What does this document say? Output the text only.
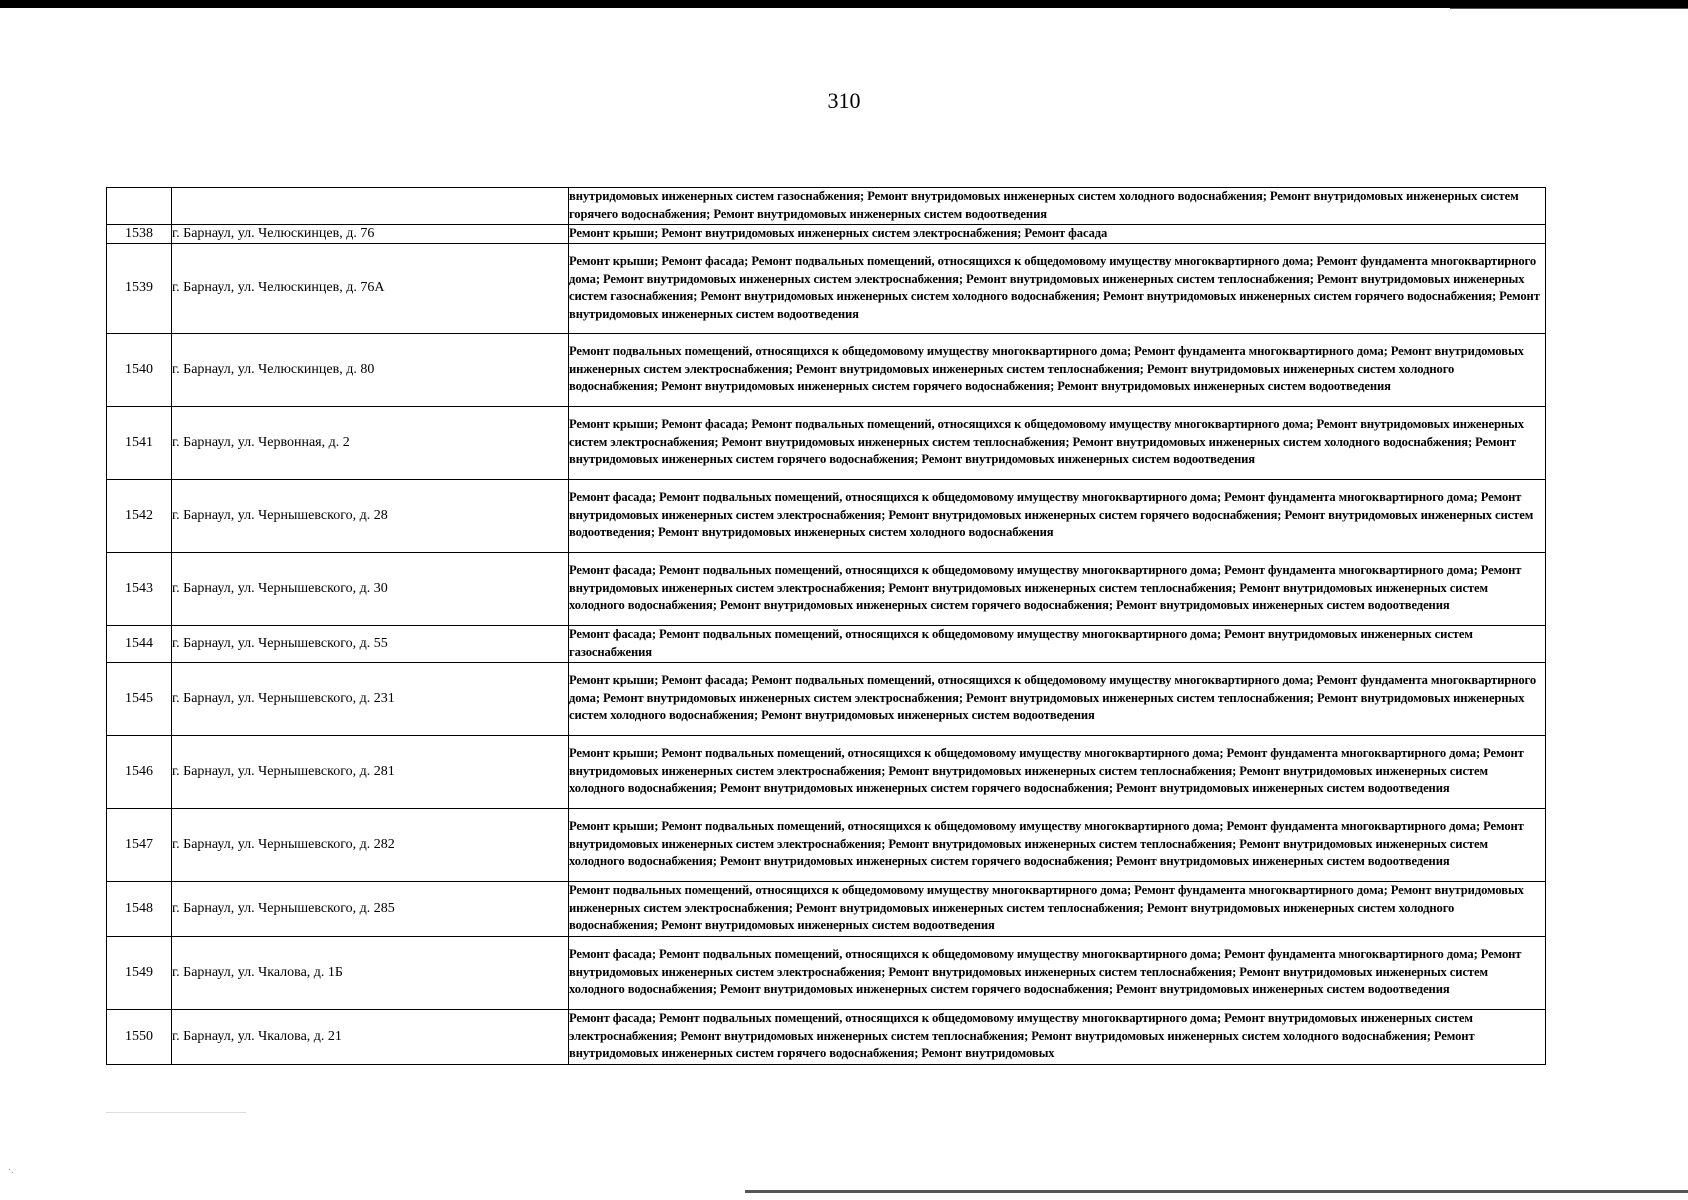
310
		внутридомовых инженерных систем газоснабжения; Ремонт внутридомовых инженерных систем холодного водоснабжения; Ремонт внутридомовых инженерных систем горячего водоснабжения; Ремонт внутридомовых инженерных систем водоотведения
1538	г. Барнаул, ул. Челюскинцев, д. 76	Ремонт крыши; Ремонт внутридомовых инженерных систем электроснабжения; Ремонт фасада
1539	г. Барнаул, ул. Челюскинцев, д. 76А	Ремонт крыши; Ремонт фасада; Ремонт подвальных помещений, относящихся к общедомовому имуществу многоквартирного дома; Ремонт фундамента многоквартирного дома; Ремонт внутридомовых инженерных систем электроснабжения; Ремонт внутридомовых инженерных систем теплоснабжения; Ремонт внутридомовых инженерных систем газоснабжения; Ремонт внутридомовых инженерных систем холодного водоснабжения; Ремонт внутридомовых инженерных систем горячего водоснабжения; Ремонт внутридомовых инженерных систем водоотведения
1540	г. Барнаул, ул. Челюскинцев, д. 80	Ремонт подвальных помещений, относящихся к общедомовому имуществу многоквартирного дома; Ремонт фундамента многоквартирного дома; Ремонт внутридомовых инженерных систем электроснабжения; Ремонт внутридомовых инженерных систем теплоснабжения; Ремонт внутридомовых инженерных систем холодного водоснабжения; Ремонт внутридомовых инженерных систем горячего водоснабжения; Ремонт внутридомовых инженерных систем водоотведения
1541	г. Барнаул, ул. Червонная, д. 2	Ремонт крыши; Ремонт фасада; Ремонт подвальных помещений, относящихся к общедомовому имуществу многоквартирного дома; Ремонт внутридомовых инженерных систем электроснабжения; Ремонт внутридомовых инженерных систем теплоснабжения; Ремонт внутридомовых инженерных систем холодного водоснабжения; Ремонт внутридомовых инженерных систем горячего водоснабжения; Ремонт внутридомовых инженерных систем водоотведения
1542	г. Барнаул, ул. Чернышевского, д. 28	Ремонт фасада; Ремонт подвальных помещений, относящихся к общедомовому имуществу многоквартирного дома; Ремонт фундамента многоквартирного дома; Ремонт внутридомовых инженерных систем электроснабжения; Ремонт внутридомовых инженерных систем горячего водоснабжения; Ремонт внутридомовых инженерных систем водоотведения; Ремонт внутридомовых инженерных систем холодного водоснабжения
1543	г. Барнаул, ул. Чернышевского, д. 30	Ремонт фасада; Ремонт подвальных помещений, относящихся к общедомовому имуществу многоквартирного дома; Ремонт фундамента многоквартирного дома; Ремонт внутридомовых инженерных систем электроснабжения; Ремонт внутридомовых инженерных систем теплоснабжения; Ремонт внутридомовых инженерных систем холодного водоснабжения; Ремонт внутридомовых инженерных систем горячего водоснабжения; Ремонт внутридомовых инженерных систем водоотведения
1544	г. Барнаул, ул. Чернышевского, д. 55	Ремонт фасада; Ремонт подвальных помещений, относящихся к общедомовому имуществу многоквартирного дома; Ремонт внутридомовых инженерных систем газоснабжения
1545	г. Барнаул, ул. Чернышевского, д. 231	Ремонт крыши; Ремонт фасада; Ремонт подвальных помещений, относящихся к общедомовому имуществу многоквартирного дома; Ремонт фундамента многоквартирного дома; Ремонт внутридомовых инженерных систем электроснабжения; Ремонт внутридомовых инженерных систем теплоснабжения; Ремонт внутридомовых инженерных систем холодного водоснабжения; Ремонт внутридомовых инженерных систем водоотведения
1546	г. Барнаул, ул. Чернышевского, д. 281	Ремонт крыши; Ремонт подвальных помещений, относящихся к общедомовому имуществу многоквартирного дома; Ремонт фундамента многоквартирного дома; Ремонт внутридомовых инженерных систем электроснабжения; Ремонт внутридомовых инженерных систем теплоснабжения; Ремонт внутридомовых инженерных систем холодного водоснабжения; Ремонт внутридомовых инженерных систем горячего водоснабжения; Ремонт внутридомовых инженерных систем водоотведения
1547	г. Барнаул, ул. Чернышевского, д. 282	Ремонт крыши; Ремонт подвальных помещений, относящихся к общедомовому имуществу многоквартирного дома; Ремонт фундамента многоквартирного дома; Ремонт внутридомовых инженерных систем электроснабжения; Ремонт внутридомовых инженерных систем теплоснабжения; Ремонт внутридомовых инженерных систем холодного водоснабжения; Ремонт внутридомовых инженерных систем горячего водоснабжения; Ремонт внутридомовых инженерных систем водоотведения
1548	г. Барнаул, ул. Чернышевского, д. 285	Ремонт подвальных помещений, относящихся к общедомовому имуществу многоквартирного дома; Ремонт фундамента многоквартирного дома; Ремонт внутридомовых инженерных систем электроснабжения; Ремонт внутридомовых инженерных систем теплоснабжения; Ремонт внутридомовых инженерных систем холодного водоснабжения; Ремонт внутридомовых инженерных систем водоотведения
1549	г. Барнаул, ул. Чкалова, д. 1Б	Ремонт фасада; Ремонт подвальных помещений, относящихся к общедомовому имуществу многоквартирного дома; Ремонт фундамента многоквартирного дома; Ремонт внутридомовых инженерных систем электроснабжения; Ремонт внутридомовых инженерных систем теплоснабжения; Ремонт внутридомовых инженерных систем холодного водоснабжения; Ремонт внутридомовых инженерных систем горячего водоснабжения; Ремонт внутридомовых инженерных систем водоотведения
1550	г. Барнаул, ул. Чкалова, д. 21	Ремонт фасада; Ремонт подвальных помещений, относящихся к общедомовому имуществу многоквартирного дома; Ремонт внутридомовых инженерных систем электроснабжения; Ремонт внутридомовых инженерных систем теплоснабжения; Ремонт внутридомовых инженерных систем холодного водоснабжения; Ремонт внутридомовых инженерных систем горячего водоснабжения; Ремонт внутридомовых
·.
